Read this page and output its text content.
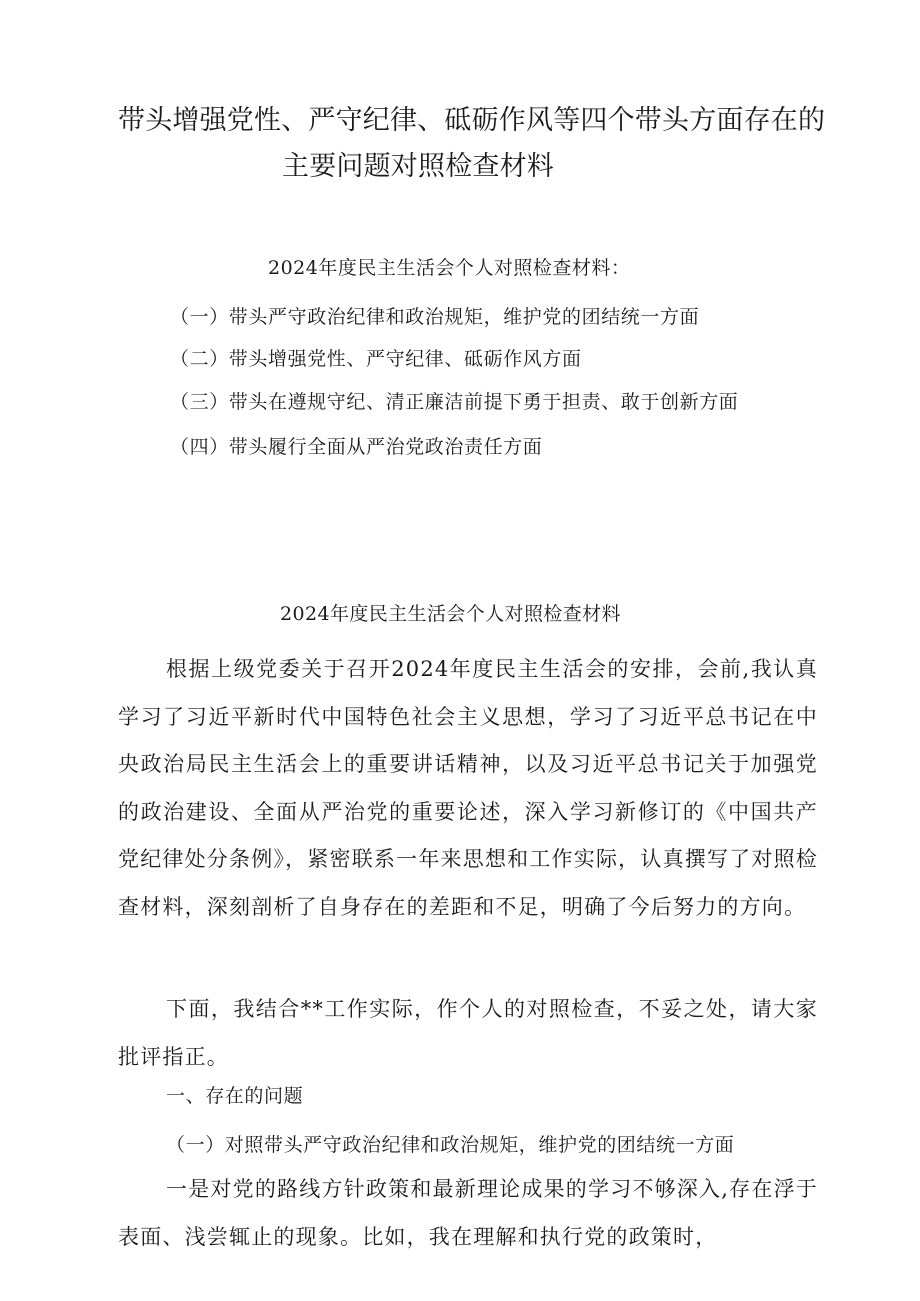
带头增强党性、严守纪律、砥砺作风等四个带头方面存在的
主要问题对照检查材料
2024年度民主生活会个人对照检查材料：
（一）带头严守政治纪律和政治规矩，维护党的团结统一方面
（二）带头增强党性、严守纪律、砥砺作风方面
（三）带头在遵规守纪、清正廉洁前提下勇于担责、敢于创新方面
（四）带头履行全面从严治党政治责任方面
2024年度民主生活会个人对照检查材料
根据上级党委关于召开2024年度民主生活会的安排，会前,我认真学习了习近平新时代中国特色社会主义思想，学习了习近平总书记在中央政治局民主生活会上的重要讲话精神，以及习近平总书记关于加强党的政治建设、全面从严治党的重要论述，深入学习新修订的《中国共产党纪律处分条例》，紧密联系一年来思想和工作实际，认真撰写了对照检查材料，深刻剖析了自身存在的差距和不足，明确了今后努力的方向。
下面，我结合**工作实际，作个人的对照检查，不妥之处，请大家批评指正。
一、存在的问题
（一）对照带头严守政治纪律和政治规矩，维护党的团结统一方面
一是对党的路线方针政策和最新理论成果的学习不够深入,存在浮于表面、浅尝辄止的现象。比如，我在理解和执行党的政策时，
